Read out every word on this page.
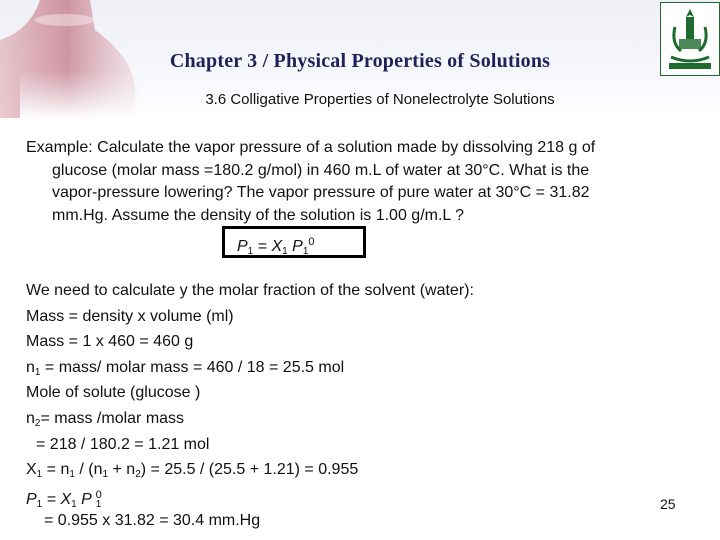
Chapter 3 / Physical Properties of Solutions
3.6 Colligative Properties of Nonelectrolyte Solutions
Example: Calculate the vapor pressure of a solution made by dissolving 218 g of
glucose (molar mass =180.2 g/mol) in 460 m.L of water at 30°C. What is the
vapor-pressure lowering? The vapor pressure of pure water at 30°C = 31.82
mm.Hg. Assume the density of the solution is 1.00 g/m.L ?
$P_1 = X_1$ $P_1^0$
We need to calculate y the molar fraction of the solvent (water):
Mass = density x volume (ml)
Mass = 1 x 460 = 460 g
$n_1$ = mass/ molar mass = 460 / 18 = 25.5 mol
Mole of solute (glucose )
$n_2=$ mass /molar mass
= 218 / 180.2 = 1.21 mol
$X_1 = n_1 / (n_1 + n_2) = 25.5 / (25.5 + 1.21) = 0.955$
$P_1 = X_1$ P $^0_1$
= 0.955 x 31.82 = 30.4 mm.Hg
25
